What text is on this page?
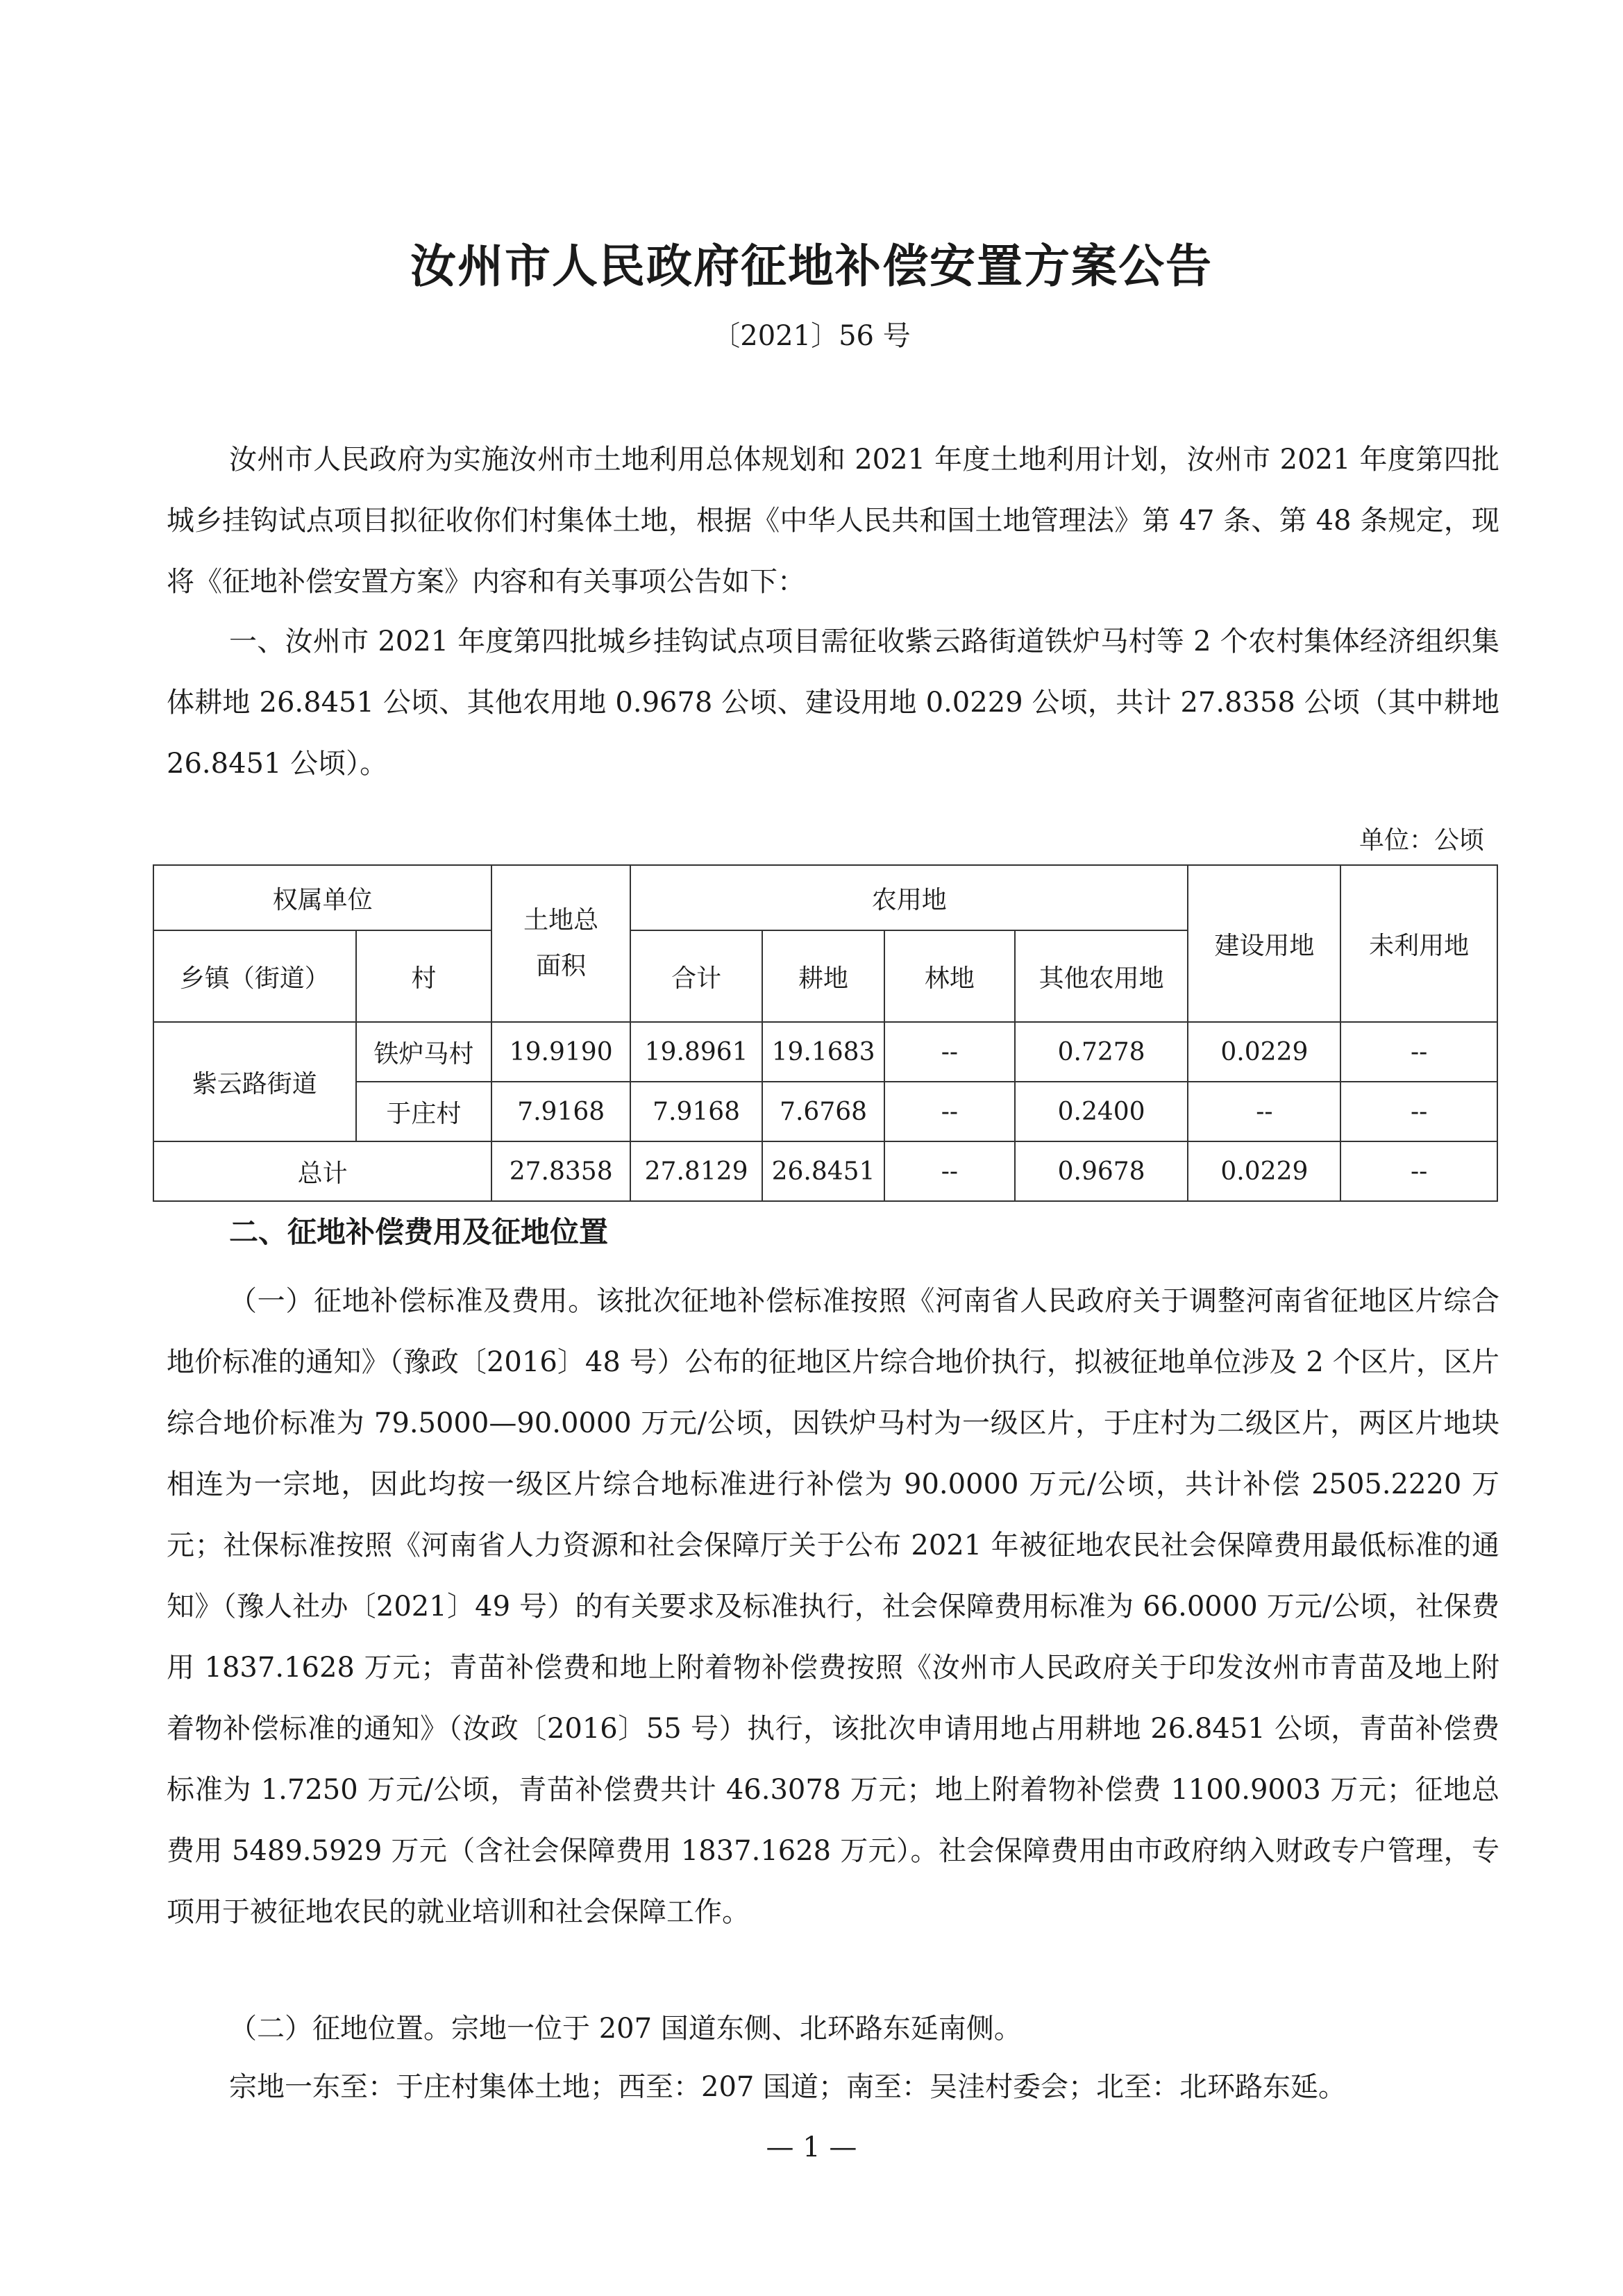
汝州市人民政府征地补偿安置方案公告
〔2021〕56 号
汝州市人民政府为实施汝州市土地利用总体规划和 2021 年度土地利用计划，汝州市 2021 年度第四批城乡挂钩试点项目拟征收你们村集体土地，根据《中华人民共和国土地管理法》第 47 条、第 48 条规定，现将《征地补偿安置方案》内容和有关事项公告如下：
一、汝州市 2021 年度第四批城乡挂钩试点项目需征收紫云路街道铁炉马村等 2 个农村集体经济组织集体耕地 26.8451 公顷、其他农用地 0.9678 公顷、建设用地 0.0229 公顷，共计 27.8358 公顷（其中耕地 26.8451 公顷）。
单位：公顷
权属单位		土地总面积	农用地				建设用地	未利用地
乡镇（街道）	村		合计	耕地	林地	其他农用地		
紫云路街道	铁炉马村	19.9190	19.8961	19.1683	--	0.7278	0.0229	--
	于庄村	7.9168	7.9168	7.6768	--	0.2400	--	--
总计		27.8358	27.8129	26.8451	--	0.9678	0.0229	--
二、征地补偿费用及征地位置
（一）征地补偿标准及费用。该批次征地补偿标准按照《河南省人民政府关于调整河南省征地区片综合地价标准的通知》（豫政〔2016〕48 号）公布的征地区片综合地价执行，拟被征地单位涉及 2 个区片，区片综合地价标准为 79.5000—90.0000 万元/公顷，因铁炉马村为一级区片，于庄村为二级区片，两区片地块相连为一宗地，因此均按一级区片综合地标准进行补偿为 90.0000 万元/公顷，共计补偿 2505.2220 万元；社保标准按照《河南省人力资源和社会保障厅关于公布 2021 年被征地农民社会保障费用最低标准的通知》（豫人社办〔2021〕49 号）的有关要求及标准执行，社会保障费用标准为 66.0000 万元/公顷，社保费用 1837.1628 万元；青苗补偿费和地上附着物补偿费按照《汝州市人民政府关于印发汝州市青苗及地上附着物补偿标准的通知》（汝政〔2016〕55 号）执行，该批次申请用地占用耕地 26.8451 公顷，青苗补偿费标准为 1.7250 万元/公顷，青苗补偿费共计 46.3078 万元；地上附着物补偿费 1100.9003 万元；征地总费用 5489.5929 万元（含社会保障费用 1837.1628 万元）。社会保障费用由市政府纳入财政专户管理，专项用于被征地农民的就业培训和社会保障工作。
（二）征地位置。宗地一位于 207 国道东侧、北环路东延南侧。
宗地一东至：于庄村集体土地；西至：207 国道；南至：吴洼村委会；北至：北环路东延。
— 1 —
